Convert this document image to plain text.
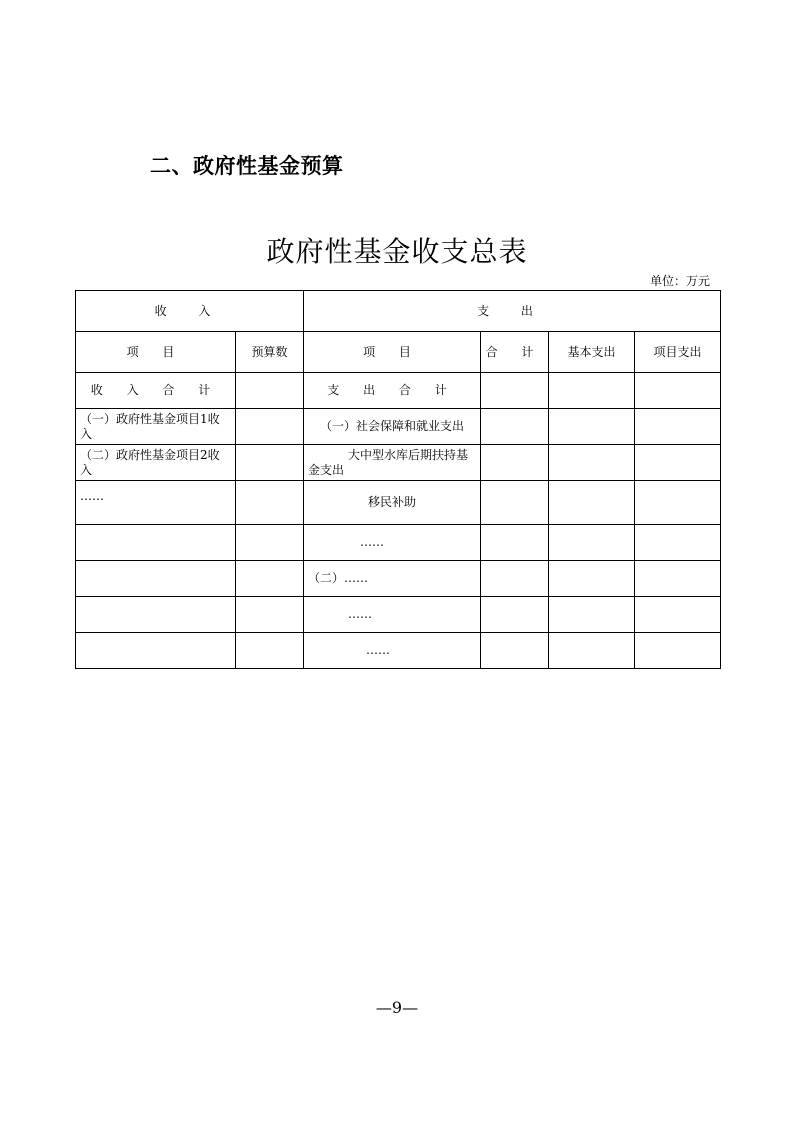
二、政府性基金预算
政府性基金收支总表
单位：万元
收 入		支 出			
项 目	预算数	项 目	合 计	基本支出	项目支出
收 入 合 计		支 出 合 计			
（一）政府性基金项目1收入		（一）社会保障和就业支出			
（二）政府性基金项目2收入		大中型水库后期扶持基金支出			
……		移民补助			
		……			
		（二）……			
		……			
		……			
—9—
